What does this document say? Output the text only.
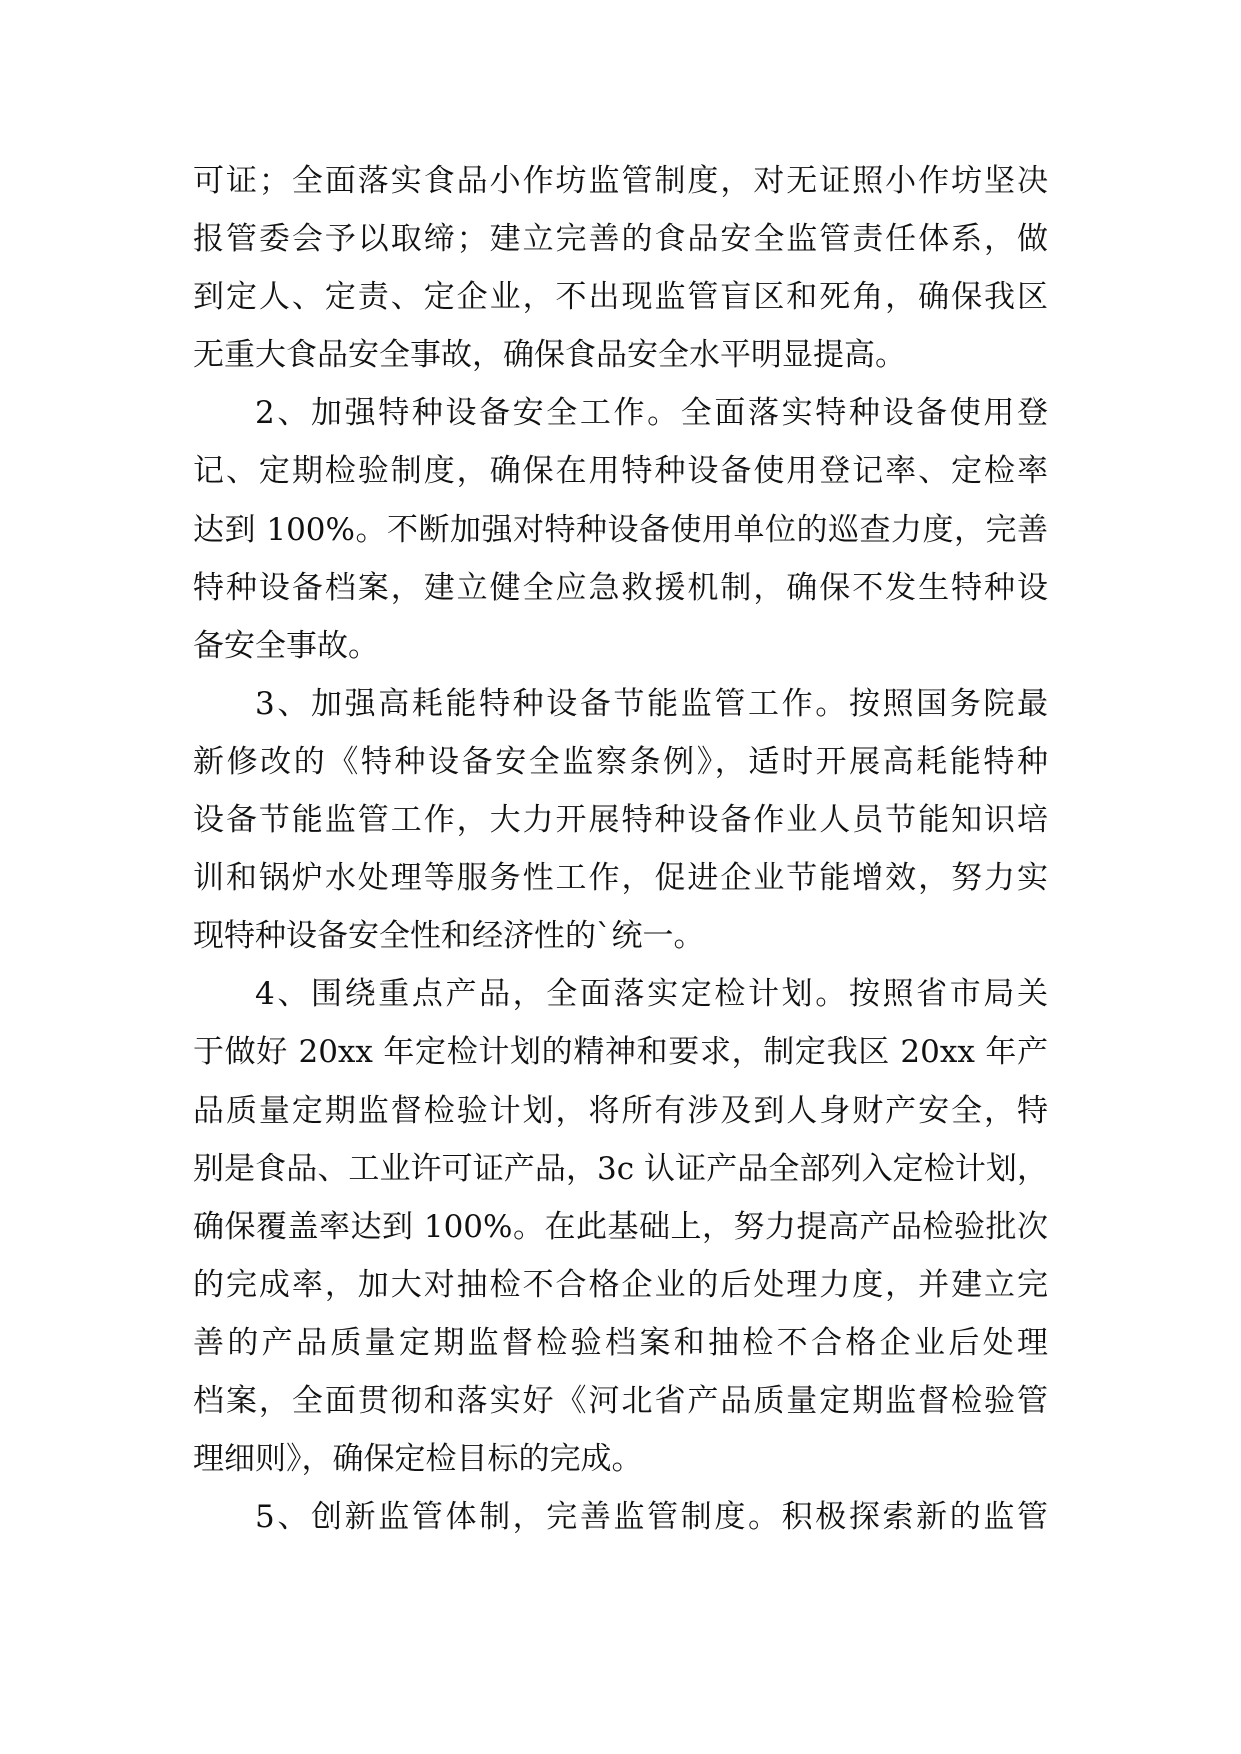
可证；全面落实食品小作坊监管制度，对无证照小作坊坚决
报管委会予以取缔；建立完善的食品安全监管责任体系，做
到定人、定责、定企业，不出现监管盲区和死角，确保我区
无重大食品安全事故，确保食品安全水平明显提高。
2、加强特种设备安全工作。全面落实特种设备使用登
记、定期检验制度，确保在用特种设备使用登记率、定检率
达到 100%。不断加强对特种设备使用单位的巡查力度，完善
特种设备档案，建立健全应急救援机制，确保不发生特种设
备安全事故。
3、加强高耗能特种设备节能监管工作。按照国务院最
新修改的《特种设备安全监察条例》，适时开展高耗能特种
设备节能监管工作，大力开展特种设备作业人员节能知识培
训和锅炉水处理等服务性工作，促进企业节能增效，努力实
现特种设备安全性和经济性的`统一。
4、围绕重点产品，全面落实定检计划。按照省市局关
于做好 20xx 年定检计划的精神和要求，制定我区 20xx 年产
品质量定期监督检验计划，将所有涉及到人身财产安全，特
别是食品、工业许可证产品，3c 认证产品全部列入定检计划，
确保覆盖率达到 100%。在此基础上，努力提高产品检验批次
的完成率，加大对抽检不合格企业的后处理力度，并建立完
善的产品质量定期监督检验档案和抽检不合格企业后处理
档案，全面贯彻和落实好《河北省产品质量定期监督检验管
理细则》，确保定检目标的完成。
5、创新监管体制，完善监管制度。积极探索新的监管
